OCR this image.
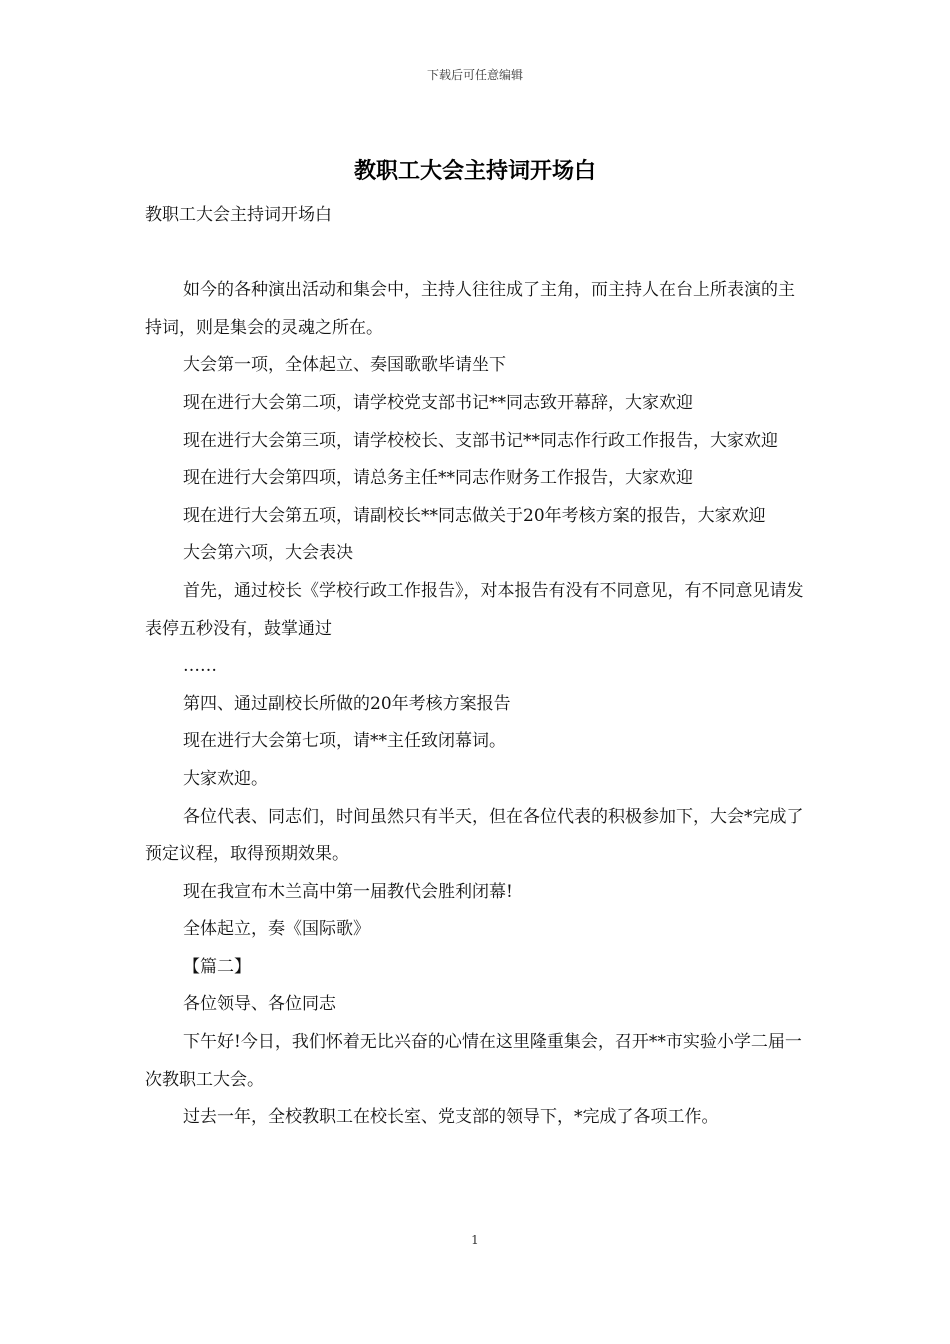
下载后可任意编辑
教职工大会主持词开场白

教职工大会主持词开场白

如今的各种演出活动和集会中，主持人往往成了主角，而主持人在台上所表演的主持词，则是集会的灵魂之所在。

大会第一项，全体起立、奏国歌歌毕请坐下

现在进行大会第二项，请学校党支部书记**同志致开幕辞，大家欢迎

现在进行大会第三项，请学校校长、支部书记**同志作行政工作报告，大家欢迎

现在进行大会第四项，请总务主任**同志作财务工作报告，大家欢迎

现在进行大会第五项，请副校长**同志做关于20年考核方案的报告，大家欢迎

大会第六项，大会表决

首先，通过校长《学校行政工作报告》，对本报告有没有不同意见，有不同意见请发表停五秒没有，鼓掌通过

……

第四、通过副校长所做的20年考核方案报告

现在进行大会第七项，请**主任致闭幕词。

大家欢迎。

各位代表、同志们，时间虽然只有半天，但在各位代表的积极参加下，大会*完成了预定议程，取得预期效果。

现在我宣布木兰高中第一届教代会胜利闭幕!

全体起立，奏《国际歌》

【篇二】

各位领导、各位同志

下午好!今日，我们怀着无比兴奋的心情在这里隆重集会，召开**市实验小学二届一次教职工大会。

过去一年，全校教职工在校长室、党支部的领导下，*完成了各项工作。

1
